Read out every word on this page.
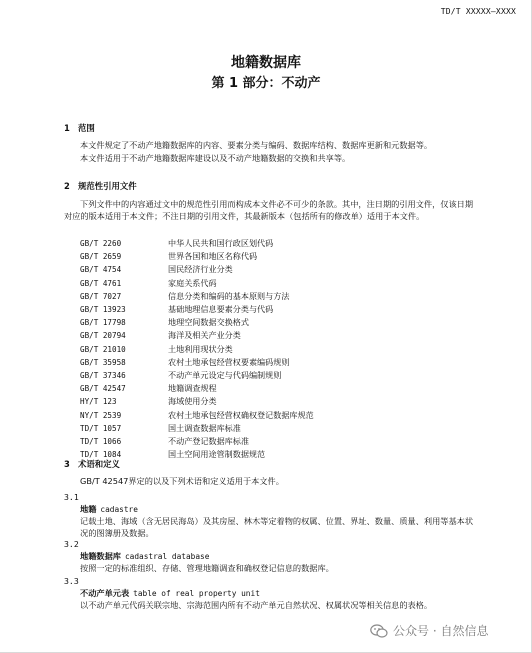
TD/T XXXXX—XXXX
地籍数据库
第 1 部分：不动产
1 范围
本文件规定了不动产地籍数据库的内容、要素分类与编码、数据库结构、数据库更新和元数据等。
本文件适用于不动产地籍数据库建设以及不动产地籍数据的交换和共享等。
2 规范性引用文件
下列文件中的内容通过文中的规范性引用而构成本文件必不可少的条款。其中，注日期的引用文件，仅该日期对应的版本适用于本文件；不注日期的引用文件，其最新版本（包括所有的修改单）适用于本文件。
GB/T 2260	中华人民共和国行政区划代码
GB/T 2659	世界各国和地区名称代码
GB/T 4754	国民经济行业分类
GB/T 4761	家庭关系代码
GB/T 7027	信息分类和编码的基本原则与方法
GB/T 13923	基础地理信息要素分类与代码
GB/T 17798	地理空间数据交换格式
GB/T 20794	海洋及相关产业分类
GB/T 21010	土地利用现状分类
GB/T 35958	农村土地承包经营权要素编码规则
GB/T 37346	不动产单元设定与代码编制规则
GB/T 42547	地籍调查规程
HY/T 123	海域使用分类
NY/T 2539	农村土地承包经营权确权登记数据库规范
TD/T 1057	国土调查数据库标准
TD/T 1066	不动产登记数据库标准
TD/T 1084	国土空间用途管制数据规范
3 术语和定义
GB/T 42547界定的以及下列术语和定义适用于本文件。
3.1
地籍 cadastre
记载土地、海域（含无居民海岛）及其房屋、林木等定着物的权属、位置、界址、数量、质量、利用等基本状况的图簿册及数据。
3.2
地籍数据库 cadastral database
按照一定的标准组织、存储、管理地籍调查和确权登记信息的数据库。
3.3
不动产单元表 table of real property unit
以不动产单元代码关联宗地、宗海范围内所有不动产单元自然状况、权属状况等相关信息的表格。
公众号 · 自然信息
